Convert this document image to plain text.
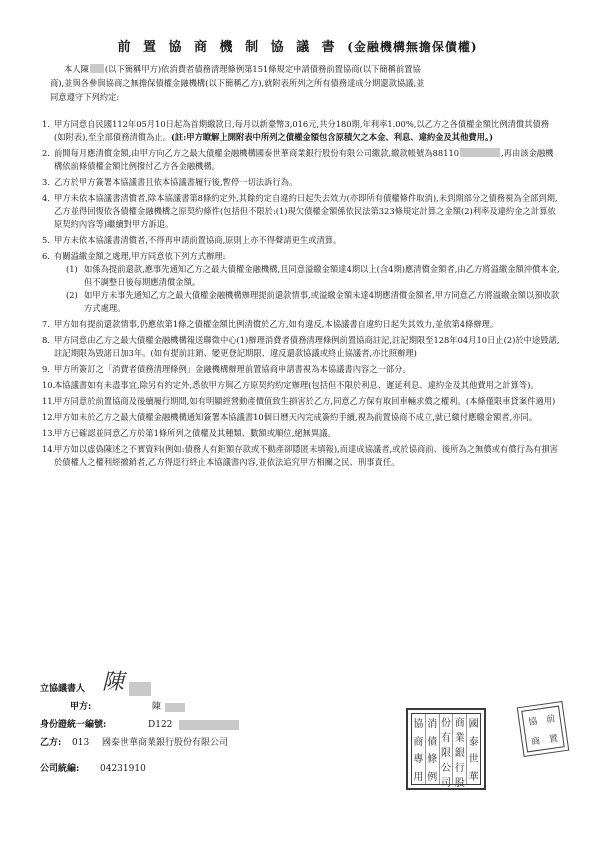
前 置 協 商 機 制 協 議 書 (金融機構無擔保債權)
本人陳 (以下簡稱甲方)依消費者債務清理條例第151條規定申請債務前置協商(以下簡稱前置協
商),並與各參與協商之無擔保債權金融機構(以下簡稱乙方),就附表所列之所有債務達成分期還款協議,並
同意遵守下列約定:
1. 甲方同意自民國112年05月10日起為首期繳款日,每月以新臺幣3,016元,共分180期,年利率1.00%,以乙方之各債權金額比例清償其債務(如附表),至全部債務清償為止。(註:甲方瞭解上開附表中所列之債權金額包含原積欠之本金、利息、違約金及其他費用。)
2. 前開每月應清償金額,由甲方向乙方之最大債權金融機構國泰世華商業銀行股份有限公司繳款,繳款帳號為88110	,再由該金融機構依前條債權金額比例撥付乙方各金融機構。
3. 乙方於甲方簽署本協議書且依本協議書履行後,暫停一切法訴行為。
4. 甲方未依本協議書清償者,除本協議書第8條約定外,其餘約定自違約日起失去效力(亦即所有債權條件取消),未到期部分之債務視為全部到期,乙方並得回復依各債權金融機構之原契約條件(包括但不限於:(1)現欠債權金額係依民法第323條規定計算之金額(2)利率及違約金之計算依原契約內容等)繼續對甲方訴追。
5. 甲方未依本協議書清償者,不得再申請前置協商,原則上亦不得聲請更生或清算。
6. 有關溢繳金額之處理,甲方同意依下列方式辦理:
(1) 如係為提前還款,應事先通知乙方之最大債權金融機構,且同意溢繳金額達4期以上(含4期)應清償金額者,由乙方將溢繳金額沖償本金,但不調整日後每期應清償金額。
(2) 如甲方未事先通知乙方之最大債權金融機構辦理提前還款情事,或溢繳金額未達4期應清償金額者,甲方同意乙方將溢繳金額以預收款方式處理。
7. 甲方如有提前還款情事,仍應依第1條之債權金額比例清償於乙方,如有違反,本協議書自違約日起失其效力,並依第4條辦理。
8. 甲方同意由乙方之最大債權金融機構報送聯徵中心(1)辦理消費者債務清理條例前置協商註記,註記期限至128年04月10日止(2)於中途毀諾,註記期限為毀諾日加3年。(如有提前註銷、變更登記期限、違反還款協議或終止協議者,亦比照辦理)
9. 甲方所簽訂之「消費者債務清理條例」金融機構辦理前置協商申請書視為本協議書內容之一部分。
10.
本協議書如有未盡事宜,除另有約定外,悉依甲方與乙方原契約約定辦理(包括但不限於利息、遲延利息、違約金及其他費用之計算等)。
11.
甲方同意於前置協商及後續履行期間,如有明顯經營動產價值致生損害於乙方,同意乙方保有取回車輛求償之權利。(本條僅限車貸案件適用)
12.
甲方如未於乙方之最大債權金融機構通知簽署本協議書10個日曆天內完成簽約手續,視為前置協商不成立,就已繳付應繳金額者,亦同。
13.
甲方已確認並同意乙方於第1條所列之債權及其種類、數額或順位,絕無異議。
14.
甲方如以虛偽陳述之不實資料(例如:債務人有鉅額存款或不動產卻隱匿未填報),而達成協議者,或於協商前、後所為之無償或有償行為有損害於債權人之權利經撤銷者,乙方得逕行終止本協議書內容,並依法追究甲方相關之民、刑事責任。
立協議書人 陳
甲方:	陳
身份證統一編號:	D122
乙方: 013 國泰世華商業銀行股份有限公司
公司統編: 04231910
國
泰
世
華
商
業
銀
行
股
份
有
限
公
司
消
債
條
例
協
商
專
用
前
置
協
商
